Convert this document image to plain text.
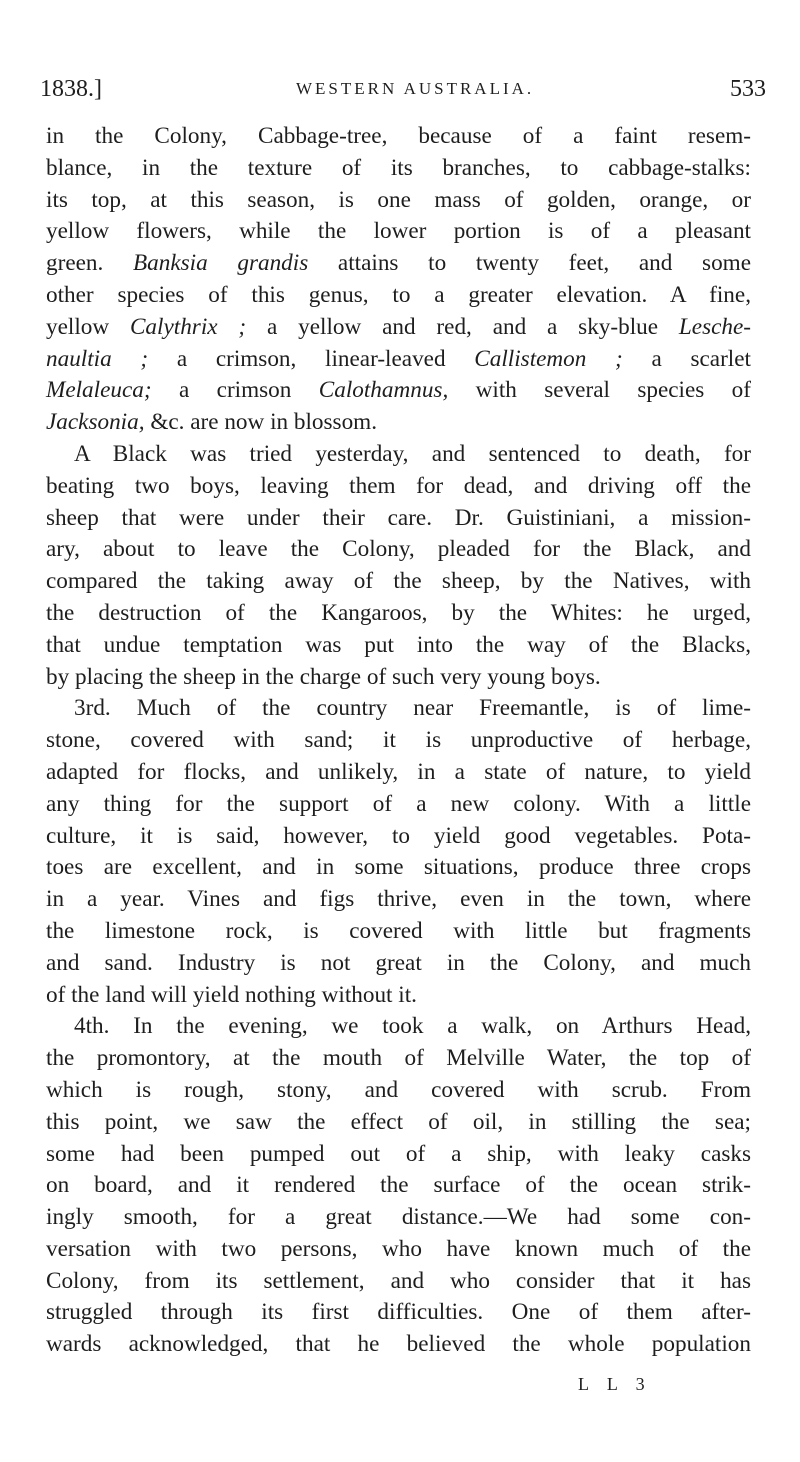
1838.]	WESTERN AUSTRALIA.	533
in the Colony, Cabbage-tree, because of a faint resem-
blance, in the texture of its branches, to cabbage-stalks:
its top, at this season, is one mass of golden, orange, or
yellow flowers, while the lower portion is of a pleasant
green. Banksia grandis attains to twenty feet, and some
other species of this genus, to a greater elevation. A fine,
yellow Calythrix ; a yellow and red, and a sky-blue Lesche-
naultia ; a crimson, linear-leaved Callistemon ; a scarlet
Melaleuca; a crimson Calothamnus, with several species of
Jacksonia, &c. are now in blossom.
A Black was tried yesterday, and sentenced to death, for
beating two boys, leaving them for dead, and driving off the
sheep that were under their care. Dr. Guistiniani, a mission-
ary, about to leave the Colony, pleaded for the Black, and
compared the taking away of the sheep, by the Natives, with
the destruction of the Kangaroos, by the Whites: he urged,
that undue temptation was put into the way of the Blacks,
by placing the sheep in the charge of such very young boys.
3rd. Much of the country near Freemantle, is of lime-
stone, covered with sand; it is unproductive of herbage,
adapted for flocks, and unlikely, in a state of nature, to yield
any thing for the support of a new colony. With a little
culture, it is said, however, to yield good vegetables. Pota-
toes are excellent, and in some situations, produce three crops
in a year. Vines and figs thrive, even in the town, where
the limestone rock, is covered with little but fragments
and sand. Industry is not great in the Colony, and much
of the land will yield nothing without it.
4th. In the evening, we took a walk, on Arthurs Head,
the promontory, at the mouth of Melville Water, the top of
which is rough, stony, and covered with scrub. From
this point, we saw the effect of oil, in stilling the sea;
some had been pumped out of a ship, with leaky casks
on board, and it rendered the surface of the ocean strik-
ingly smooth, for a great distance.—We had some con-
versation with two persons, who have known much of the
Colony, from its settlement, and who consider that it has
struggled through its first difficulties. One of them after-
wards acknowledged, that he believed the whole population
L L 3
